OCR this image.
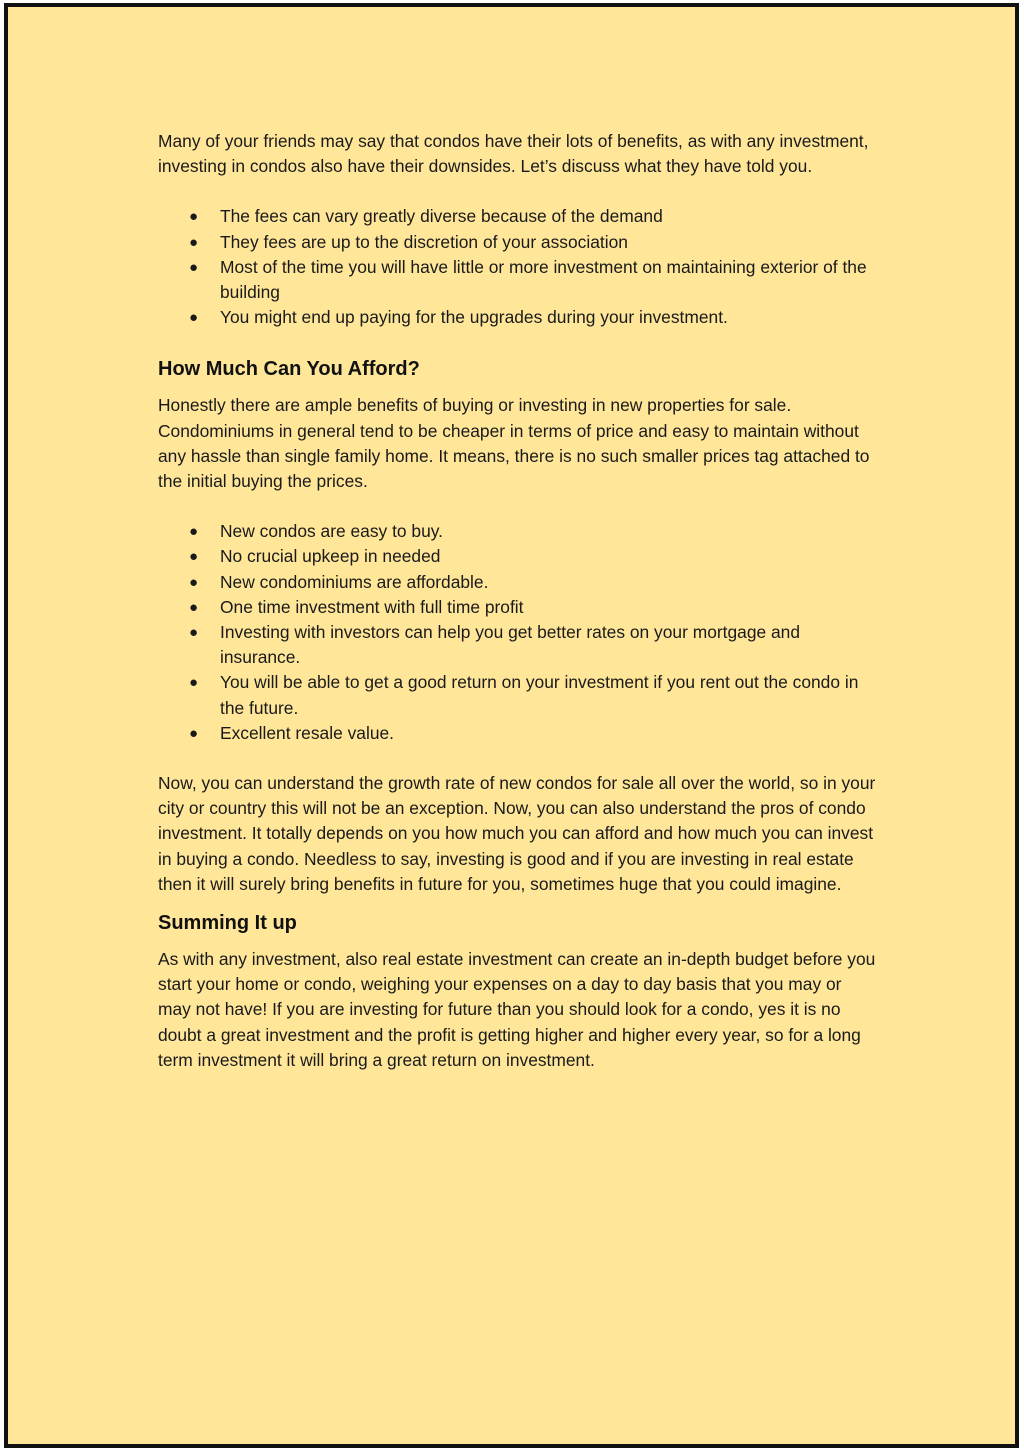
Many of your friends may say that condos have their lots of benefits, as with any investment, investing in condos also have their downsides. Let’s discuss what they have told you.

● The fees can vary greatly diverse because of the demand
● They fees are up to the discretion of your association
● Most of the time you will have little or more investment on maintaining exterior of the building
● You might end up paying for the upgrades during your investment.
How Much Can You Afford?

Honestly there are ample benefits of buying or investing in new properties for sale. Condominiums in general tend to be cheaper in terms of price and easy to maintain without any hassle than single family home. It means, there is no such smaller prices tag attached to the initial buying the prices.

● New condos are easy to buy.
● No crucial upkeep in needed
● New condominiums are affordable.
● One time investment with full time profit
● Investing with investors can help you get better rates on your mortgage and insurance.
● You will be able to get a good return on your investment if you rent out the condo in the future.
● Excellent resale value.

Now, you can understand the growth rate of new condos for sale all over the world, so in your city or country this will not be an exception. Now, you can also understand the pros of condo investment. It totally depends on you how much you can afford and how much you can invest in buying a condo. Needless to say, investing is good and if you are investing in real estate then it will surely bring benefits in future for you, sometimes huge that you could imagine.

Summing It up

As with any investment, also real estate investment can create an in-depth budget before you start your home or condo, weighing your expenses on a day to day basis that you may or may not have! If you are investing for future than you should look for a condo, yes it is no doubt a great investment and the profit is getting higher and higher every year, so for a long term investment it will bring a great return on investment.
